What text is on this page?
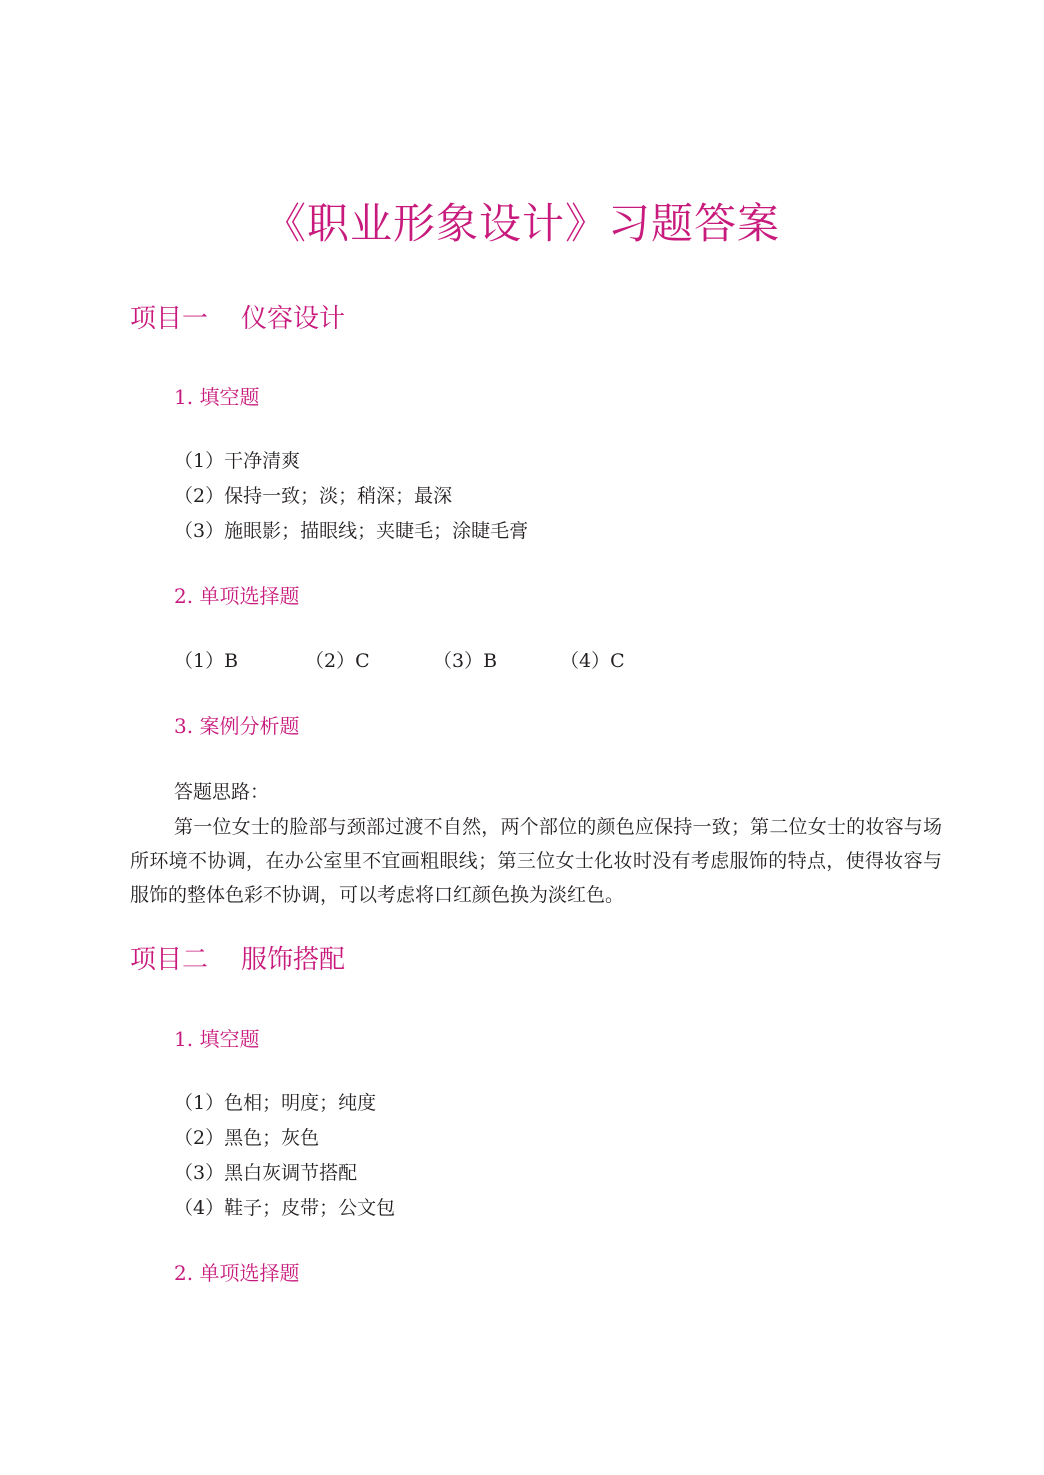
《职业形象设计》习题答案
项目一    仪容设计
1. 填空题
（1）干净清爽
（2）保持一致；淡；稍深；最深
（3）施眼影；描眼线；夹睫毛；涂睫毛膏
2. 单项选择题
（1）B	（2）C	（3）B	（4）C
3. 案例分析题
答题思路：
第一位女士的脸部与颈部过渡不自然，两个部位的颜色应保持一致；第二位女士的妆容与场所环境不协调，在办公室里不宜画粗眼线；第三位女士化妆时没有考虑服饰的特点，使得妆容与服饰的整体色彩不协调，可以考虑将口红颜色换为淡红色。
项目二    服饰搭配
1. 填空题
（1）色相；明度；纯度
（2）黑色；灰色
（3）黑白灰调节搭配
（4）鞋子；皮带；公文包
2. 单项选择题
